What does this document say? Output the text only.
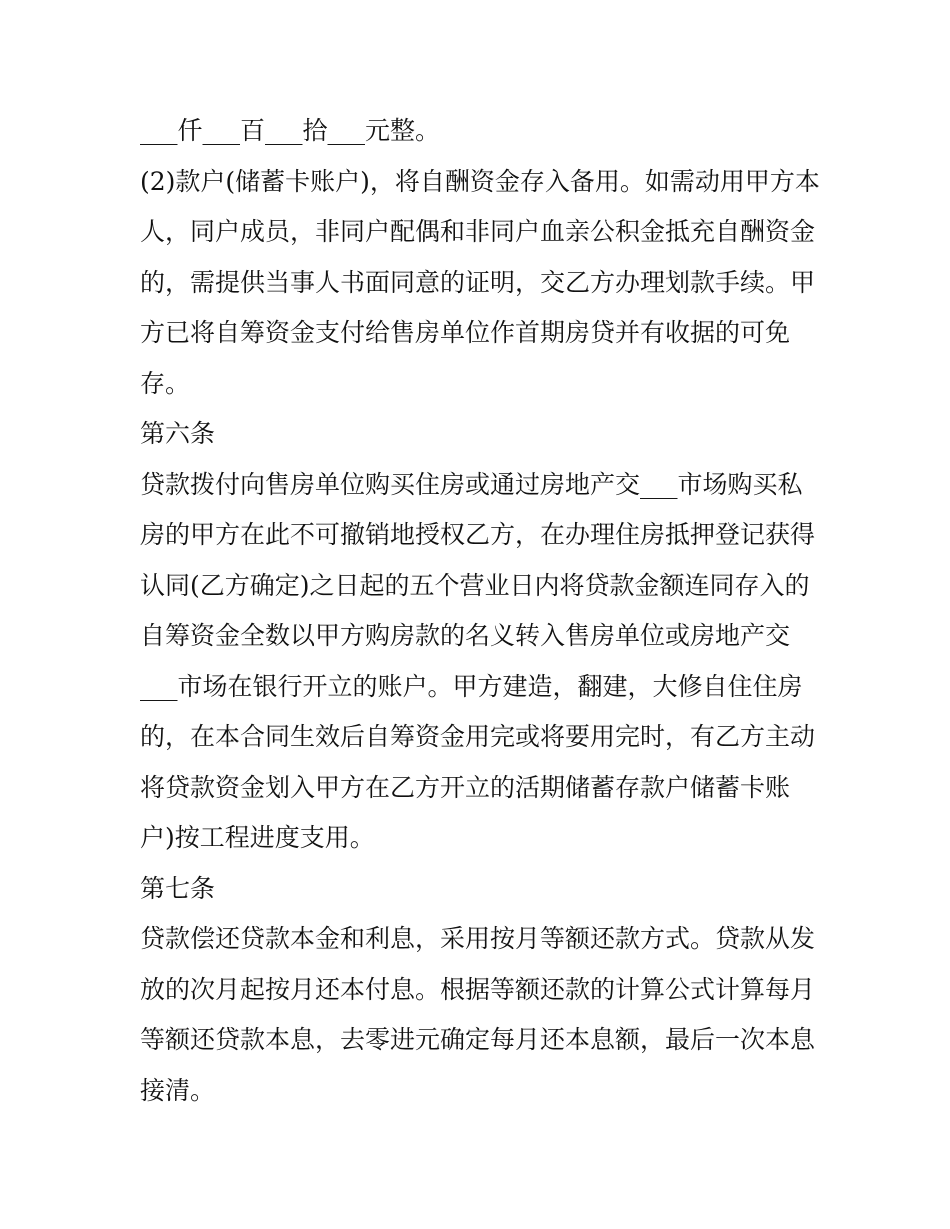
___仟___百___拾___元整。
(2)款户(储蓄卡账户)，将自酬资金存入备用。如需动用甲方本
人，同户成员，非同户配偶和非同户血亲公积金抵充自酬资金
的，需提供当事人书面同意的证明，交乙方办理划款手续。甲
方已将自筹资金支付给售房单位作首期房贷并有收据的可免
存。
第六条
贷款拨付向售房单位购买住房或通过房地产交___市场购买私
房的甲方在此不可撤销地授权乙方，在办理住房抵押登记获得
认同(乙方确定)之日起的五个营业日内将贷款金额连同存入的
自筹资金全数以甲方购房款的名义转入售房单位或房地产交
___市场在银行开立的账户。甲方建造，翻建，大修自住住房
的，在本合同生效后自筹资金用完或将要用完时，有乙方主动
将贷款资金划入甲方在乙方开立的活期储蓄存款户储蓄卡账
户)按工程进度支用。
第七条
贷款偿还贷款本金和利息，采用按月等额还款方式。贷款从发
放的次月起按月还本付息。根据等额还款的计算公式计算每月
等额还贷款本息，去零进元确定每月还本息额，最后一次本息
接清。
